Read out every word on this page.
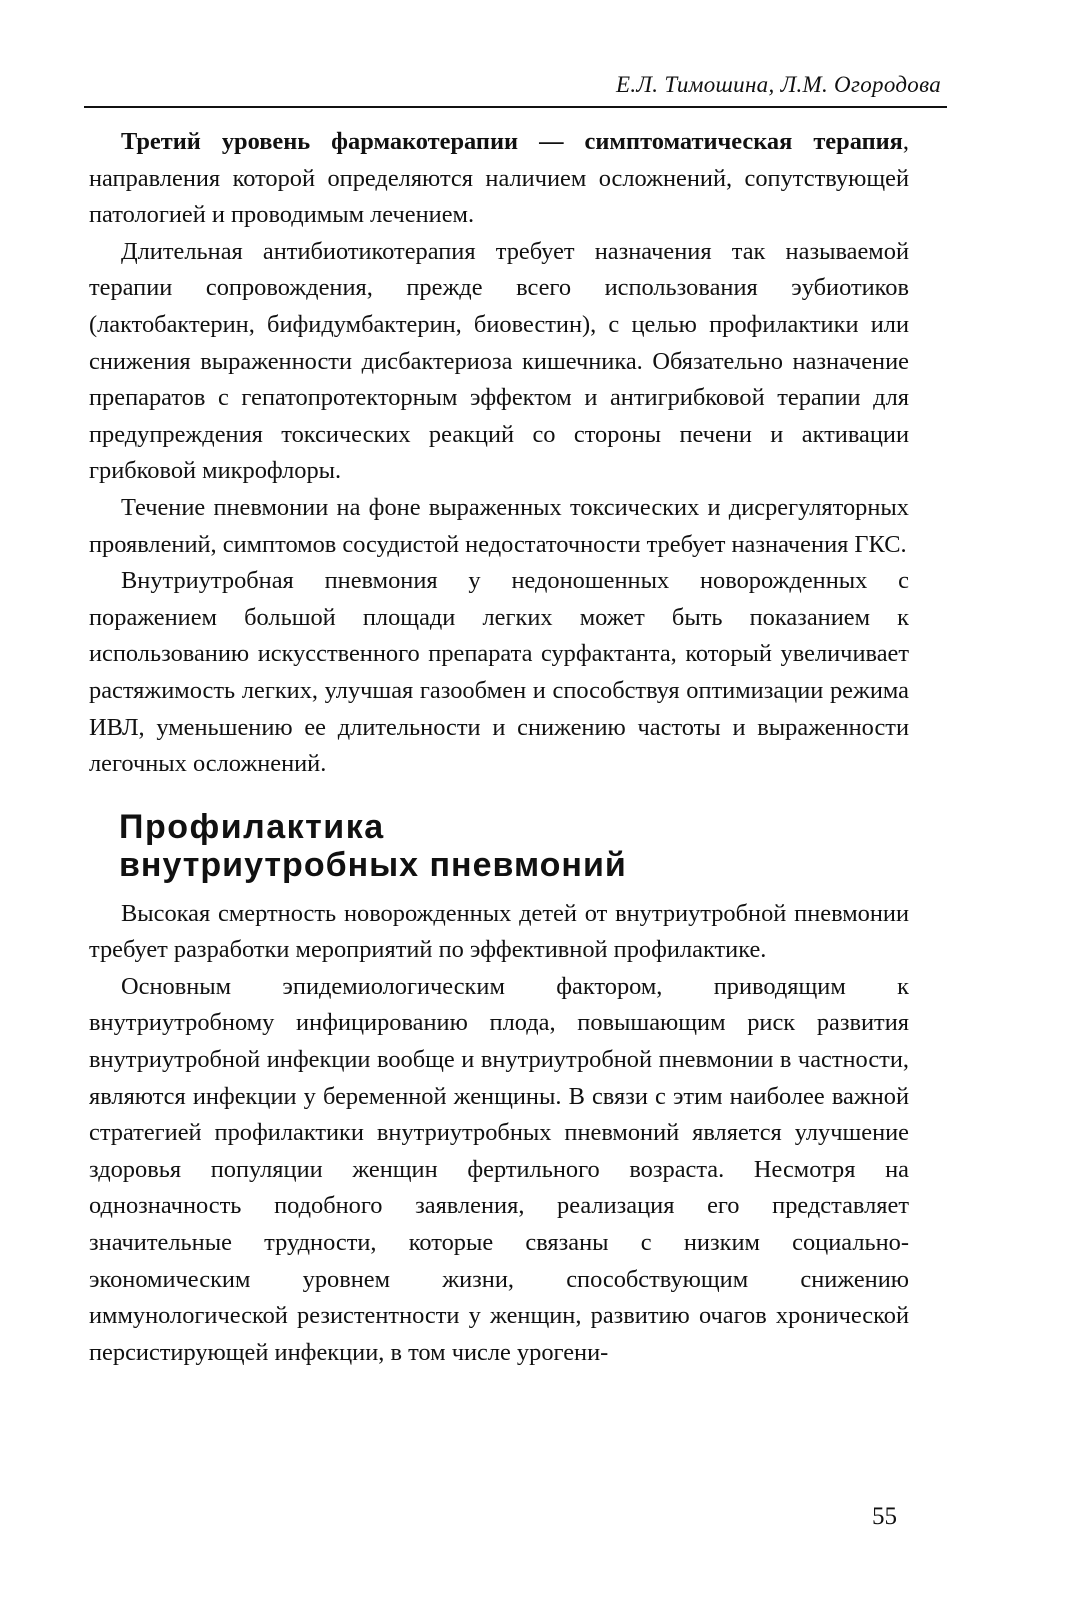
Е.Л. Тимошина, Л.М. Огородова

Третий уровень фармакотерапии — симптоматическая терапия, направления которой определяются наличием осложнений, сопутствующей патологией и проводимым лечением.

Длительная антибиотикотерапия требует назначения так называемой терапии сопровождения, прежде всего использования эубиотиков (лактобактерин, бифидумбактерин, биовестин), с целью профилактики или снижения выраженности дисбактериоза кишечника. Обязательно назначение препаратов с гепатопротекторным эффектом и антигрибковой терапии для предупреждения токсических реакций со стороны печени и активации грибковой микрофлоры.

Течение пневмонии на фоне выраженных токсических и дисрегуляторных проявлений, симптомов сосудистой недостаточности требует назначения ГКС.

Внутриутробная пневмония у недоношенных новорожденных с поражением большой площади легких может быть показанием к использованию искусственного препарата сурфактанта, который увеличивает растяжимость легких, улучшая газообмен и способствуя оптимизации режима ИВЛ, уменьшению ее длительности и снижению частоты и выраженности легочных осложнений.

Профилактика
внутриутробных пневмоний

Высокая смертность новорожденных детей от внутриутробной пневмонии требует разработки мероприятий по эффективной профилактике.

Основным эпидемиологическим фактором, приводящим к внутриутробному инфицированию плода, повышающим риск развития внутриутробной инфекции вообще и внутриутробной пневмонии в частности, являются инфекции у беременной женщины. В связи с этим наиболее важной стратегией профилактики внутриутробных пневмоний является улучшение здоровья популяции женщин фертильного возраста. Несмотря на однозначность подобного заявления, реализация его представляет значительные трудности, которые связаны с низким социально-экономическим уровнем жизни, способствующим снижению иммунологической резистентности у женщин, развитию очагов хронической персистирующей инфекции, в том числе урогени-

55
